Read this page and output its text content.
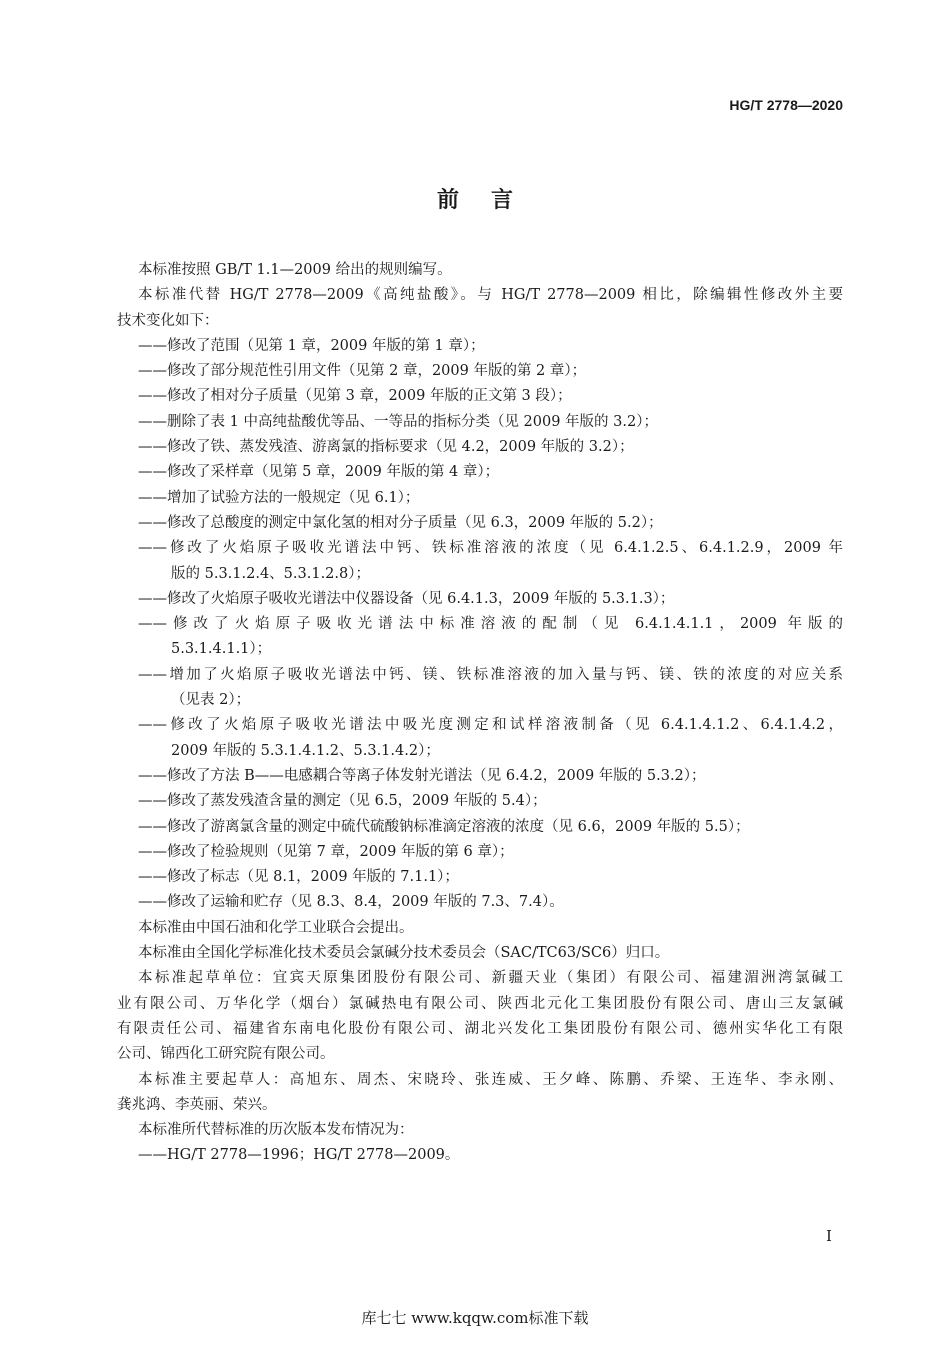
HG/T 2778—2020
前 言
本标准按照 GB/T 1.1—2009 给出的规则编写。
本标准代替 HG/T 2778—2009《高纯盐酸》。与 HG/T 2778—2009 相比，除编辑性修改外主要
技术变化如下：
——修改了范围（见第 1 章，2009 年版的第 1 章）；
——修改了部分规范性引用文件（见第 2 章，2009 年版的第 2 章）；
——修改了相对分子质量（见第 3 章，2009 年版的正文第 3 段）；
——删除了表 1 中高纯盐酸优等品、一等品的指标分类（见 2009 年版的 3.2）；
——修改了铁、蒸发残渣、游离氯的指标要求（见 4.2，2009 年版的 3.2）；
——修改了采样章（见第 5 章，2009 年版的第 4 章）；
——增加了试验方法的一般规定（见 6.1）；
——修改了总酸度的测定中氯化氢的相对分子质量（见 6.3，2009 年版的 5.2）；
——修改了火焰原子吸收光谱法中钙、铁标准溶液的浓度（见 6.4.1.2.5、6.4.1.2.9，2009 年
版的 5.3.1.2.4、5.3.1.2.8）；
——修改了火焰原子吸收光谱法中仪器设备（见 6.4.1.3，2009 年版的 5.3.1.3）；
——修改了火焰原子吸收光谱法中标准溶液的配制（见 6.4.1.4.1.1，2009 年版的
5.3.1.4.1.1）；
——增加了火焰原子吸收光谱法中钙、镁、铁标准溶液的加入量与钙、镁、铁的浓度的对应关系
（见表 2）；
——修改了火焰原子吸收光谱法中吸光度测定和试样溶液制备（见 6.4.1.4.1.2、6.4.1.4.2，
2009 年版的 5.3.1.4.1.2、5.3.1.4.2）；
——修改了方法 B——电感耦合等离子体发射光谱法（见 6.4.2，2009 年版的 5.3.2）；
——修改了蒸发残渣含量的测定（见 6.5，2009 年版的 5.4）；
——修改了游离氯含量的测定中硫代硫酸钠标准滴定溶液的浓度（见 6.6，2009 年版的 5.5）；
——修改了检验规则（见第 7 章，2009 年版的第 6 章）；
——修改了标志（见 8.1，2009 年版的 7.1.1）；
——修改了运输和贮存（见 8.3、8.4，2009 年版的 7.3、7.4）。
本标准由中国石油和化学工业联合会提出。
本标准由全国化学标准化技术委员会氯碱分技术委员会（SAC/TC63/SC6）归口。
本标准起草单位：宜宾天原集团股份有限公司、新疆天业（集团）有限公司、福建湄洲湾氯碱工
业有限公司、万华化学（烟台）氯碱热电有限公司、陕西北元化工集团股份有限公司、唐山三友氯碱
有限责任公司、福建省东南电化股份有限公司、湖北兴发化工集团股份有限公司、德州实华化工有限
公司、锦西化工研究院有限公司。
本标准主要起草人：高旭东、周杰、宋晓玲、张连威、王夕峰、陈鹏、乔梁、王连华、李永刚、
龚兆鸿、李英丽、荣兴。
本标准所代替标准的历次版本发布情况为：
——HG/T 2778—1996；HG/T 2778—2009。
I
库七七 www.kqqw.com标准下载
